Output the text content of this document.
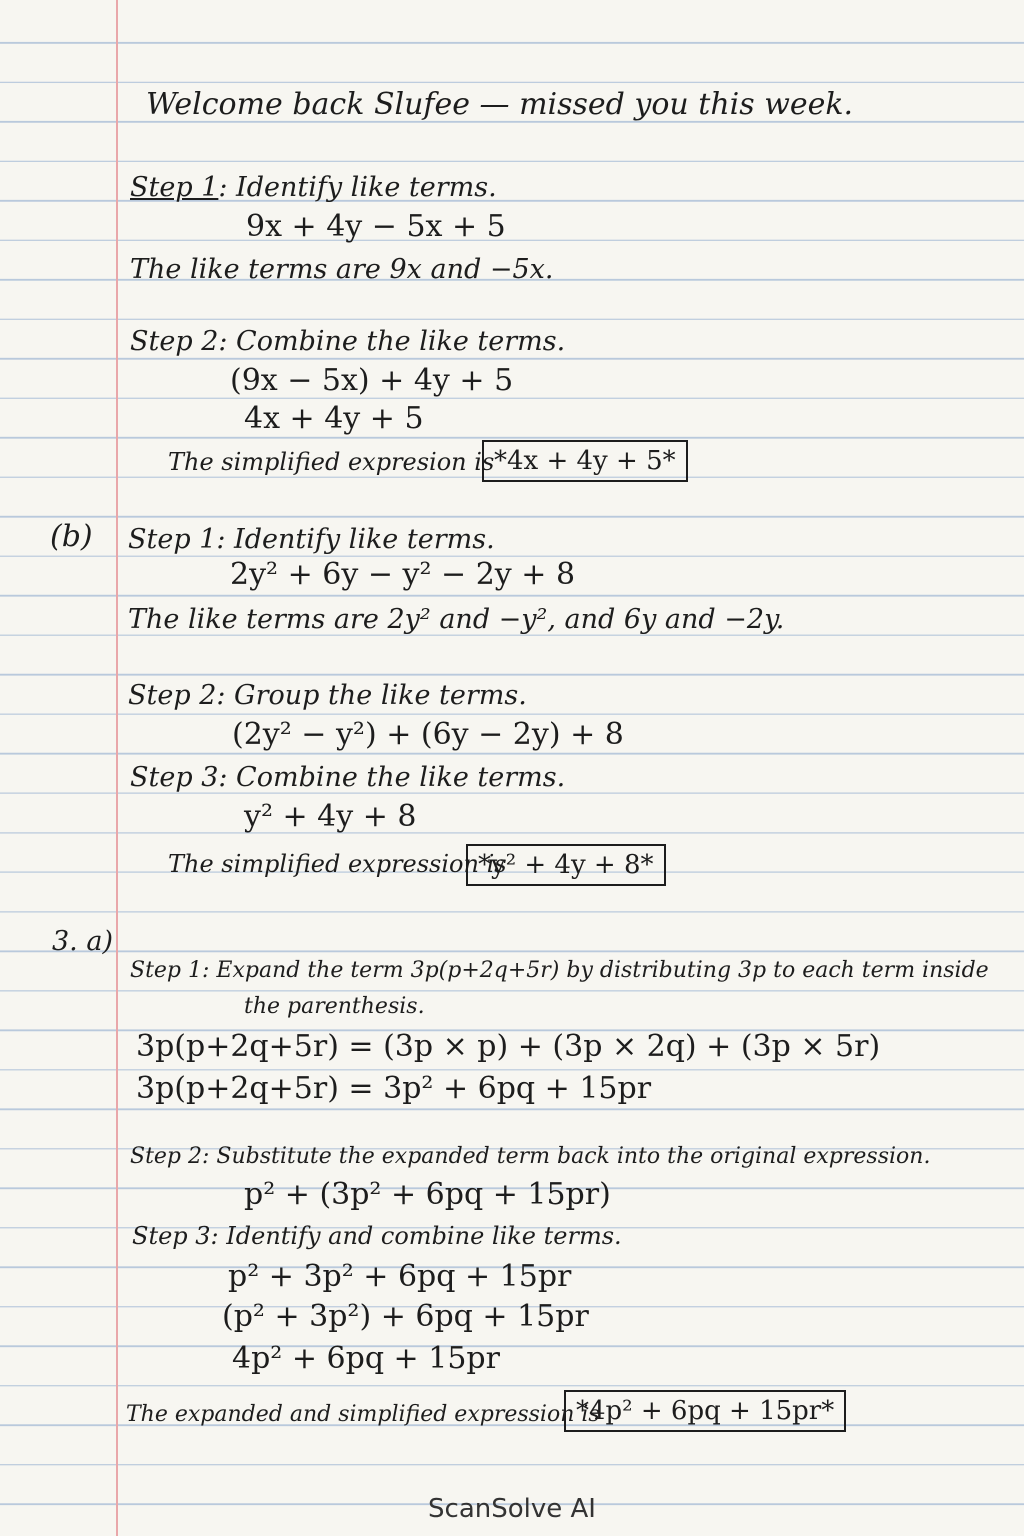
Welcome back Slufee — missed you this week.
Step 1: Identify like terms.
9x + 4y − 5x + 5
The like terms are 9x and −5x.
Step 2: Combine the like terms.
(9x − 5x) + 4y + 5
4x + 4y + 5
The simplified expresion is *4x + 4y + 5*
(b) Step 1: Identify like terms.
2y² + 6y − y² − 2y + 8
The like terms are 2y² and −y², and 6y and −2y.
Step 2: Group the like terms.
(2y² − y²) + (6y − 2y) + 8
Step 3: Combine the like terms.
y² + 4y + 8
The simplified expression is
*y² + 4y + 8*
3. a)
Step 1: Expand the term 3p(p+2q+5r) by distributing 3p to each term inside
the parenthesis.
3p(p+2q+5r) = (3p × p) + (3p × 2q) + (3p × 5r)
3p(p+2q+5r) = 3p² + 6pq + 15pr
Step 2: Substitute the expanded term back into the original expression.
p² + (3p² + 6pq + 15pr)
Step 3: Identify and combine like terms.
p² + 3p² + 6pq + 15pr
(p² + 3p²) + 6pq + 15pr
4p² + 6pq + 15pr
The expanded and simplified expression is
*4p² + 6pq + 15pr*
ScanSolve AI
